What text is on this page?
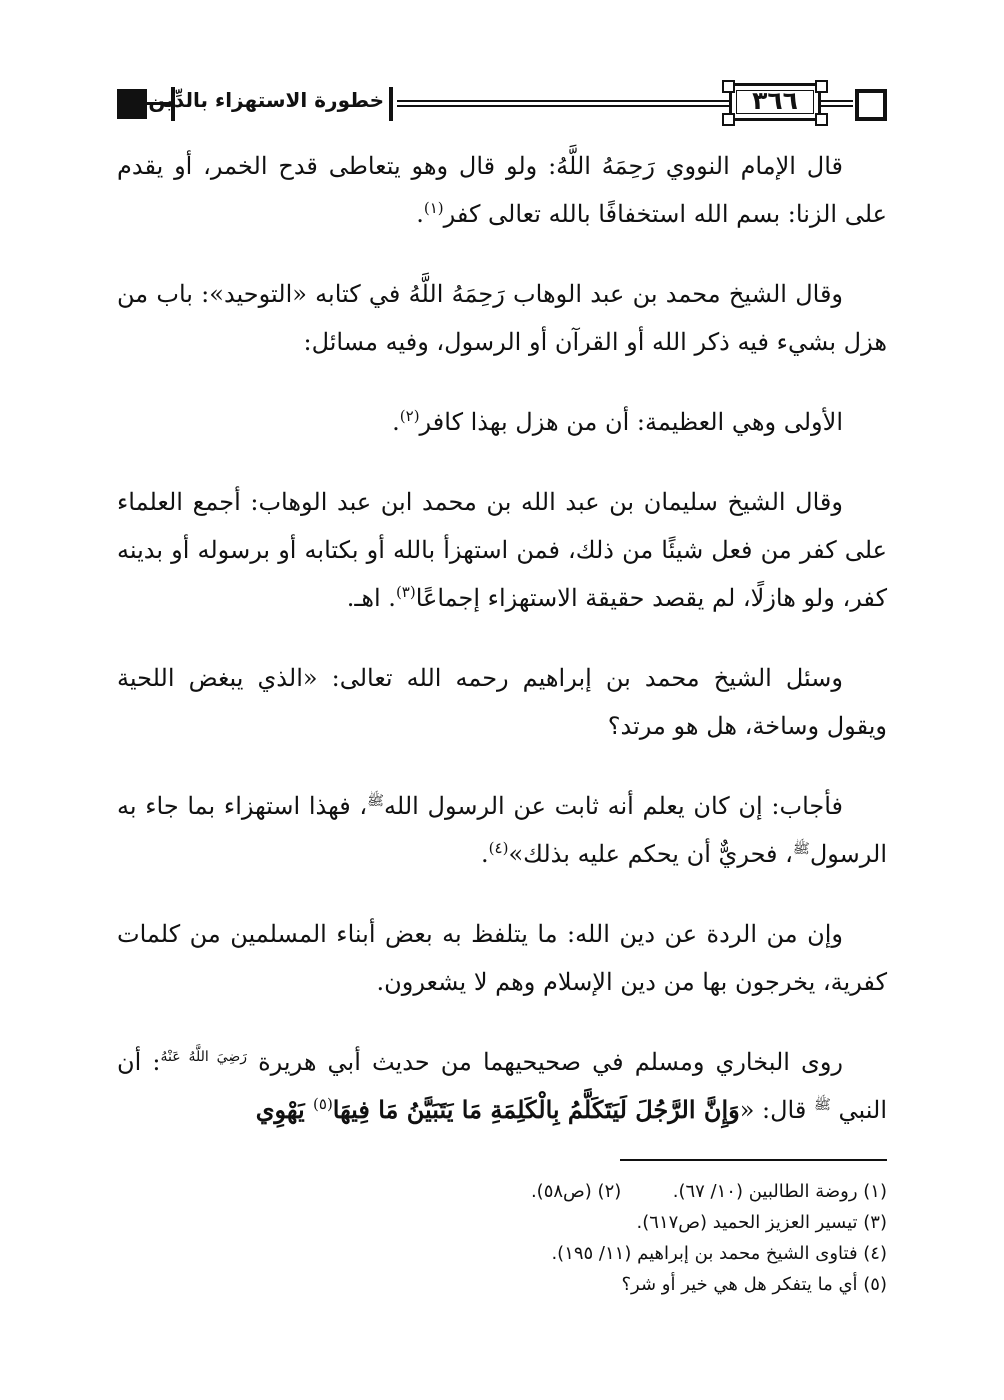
خطورة الاستهزاء بالدِّين	٣٦٦

قال الإمام النووي رَحِمَهُ اللَّهُ: ولو قال وهو يتعاطى قدح الخمر، أو يقدم على الزنا: بسم الله استخفافًا بالله تعالى كفر$^{(١)}$.

وقال الشيخ محمد بن عبد الوهاب رَحِمَهُ اللَّهُ في كتابه «التوحيد»: باب من هزل بشيء فيه ذكر الله أو القرآن أو الرسول، وفيه مسائل:

الأولى وهي العظيمة: أن من هزل بهذا كافر$^{(٢)}$.

وقال الشيخ سليمان بن عبد الله بن محمد ابن عبد الوهاب: أجمع العلماء على كفر من فعل شيئًا من ذلك، فمن استهزأ بالله أو بكتابه أو برسوله أو بدينه كفر، ولو هازلًا، لم يقصد حقيقة الاستهزاء إجماعًا$^{(٣)}$. اهـ.

وسئل الشيخ محمد بن إبراهيم رحمه الله تعالى: «الذي يبغض اللحية ويقول وساخة، هل هو مرتد؟

فأجاب: إن كان يعلم أنه ثابت عن الرسول الله$^ﷺ$، فهذا استهزاء بما جاء به الرسول$^ﷺ$، فحريٌّ أن يحكم عليه بذلك»$^{(٤)}$.

وإن من الردة عن دين الله: ما يتلفظ به بعض أبناء المسلمين من كلمات كفرية، يخرجون بها من دين الإسلام وهم لا يشعرون.

روى البخاري ومسلم في صحيحيهما من حديث أبي هريرة $^{رَضِيَ اللَّهُ عَنْهُ}$: أن النبي $^ﷺ$ قال: «وَإِنَّ الرَّجُلَ لَيَتَكَلَّمُ بِالْكَلِمَةِ مَا يَتَبَيَّنُ مَا فِيهَا$^{(٥)}$ يَهْوِي

(١) روضة الطالبين (١٠/ ٦٧). (٢) (ص٥٨).
(٣) تيسير العزيز الحميد (ص٦١٧).
(٤) فتاوى الشيخ محمد بن إبراهيم (١١/ ١٩٥).
(٥) أي ما يتفكر هل هي خير أو شر؟
